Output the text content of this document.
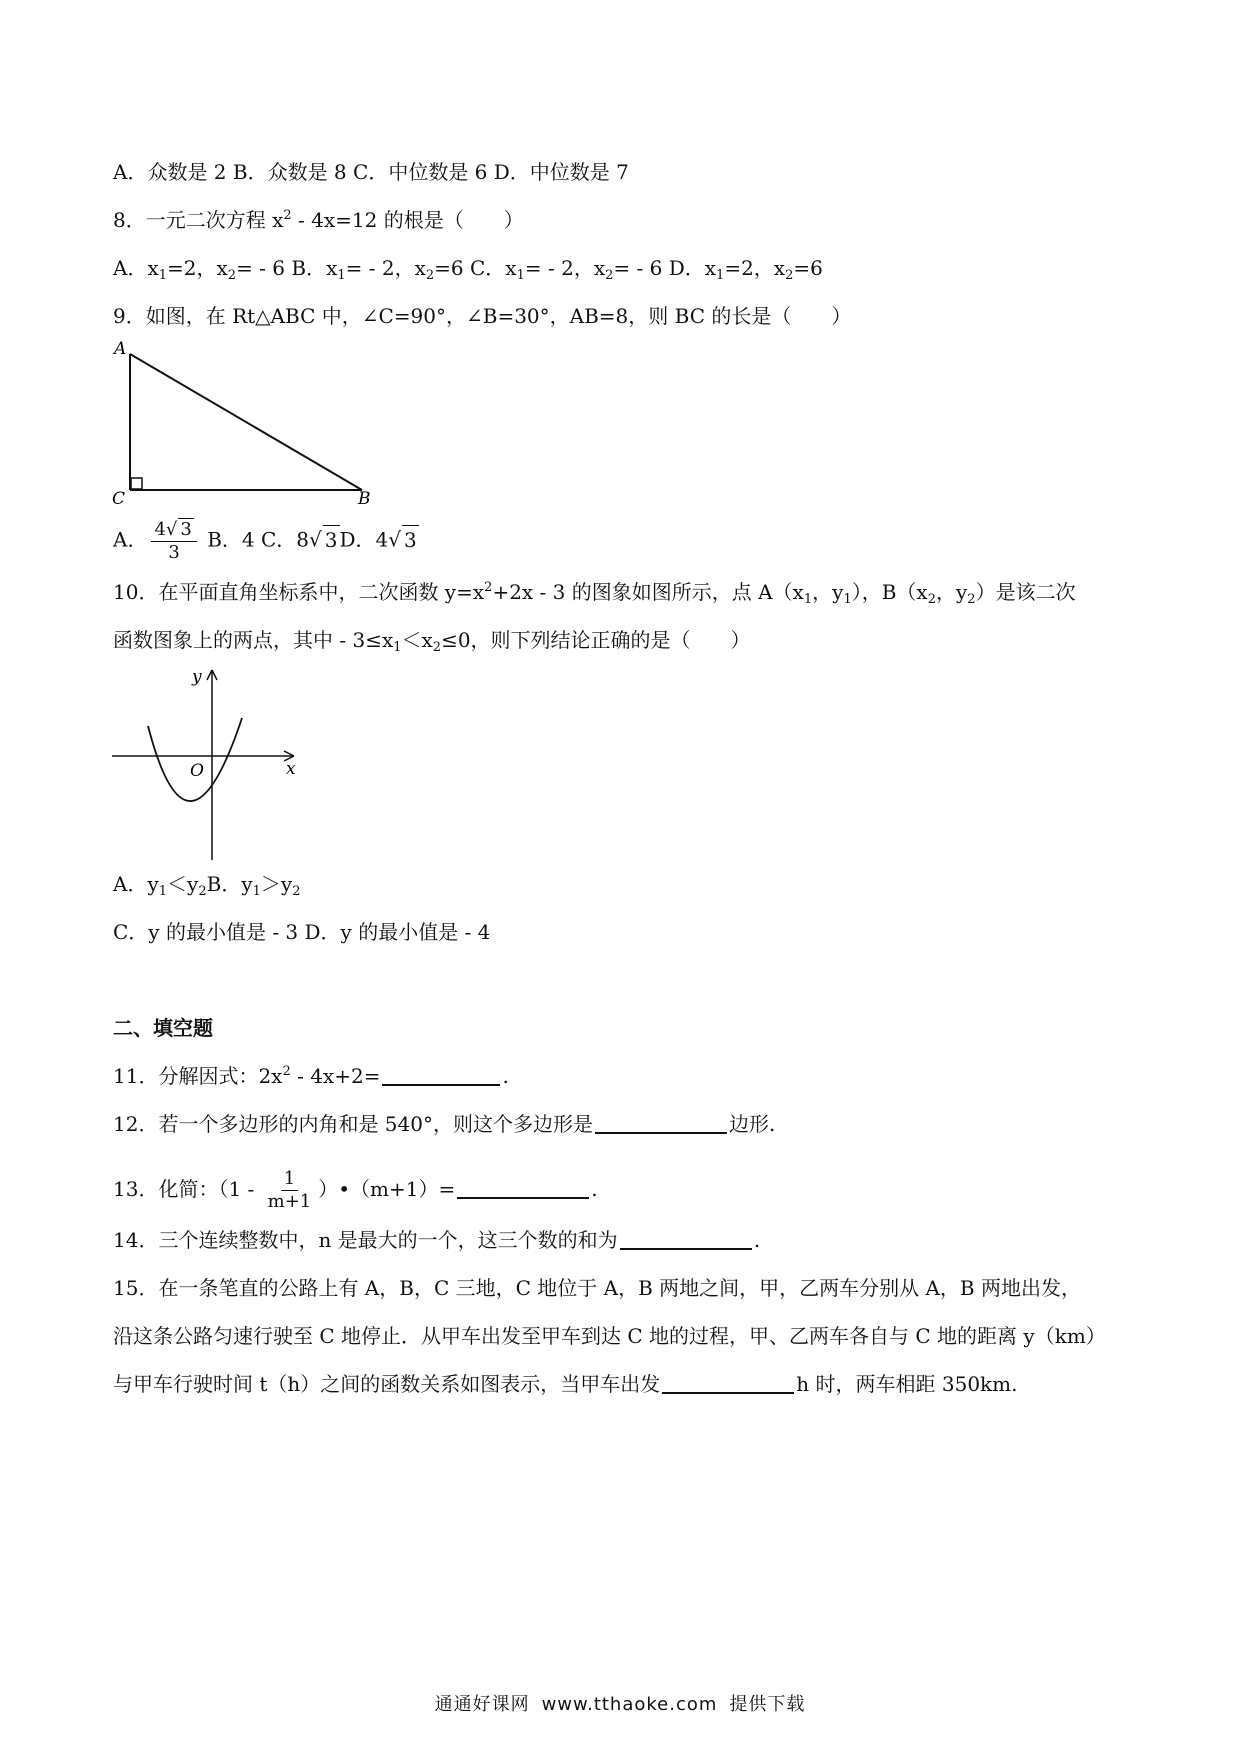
A．众数是 2 B．众数是 8 C．中位数是 6 D．中位数是 7
8．一元二次方程 $x^2 - 4x=12$ 的根是（　　）
A．$x_1=2$，$x_2= - 6$ B．$x_1= - 2$，$x_2=6$ C．$x_1= - 2$，$x_2= - 6$ D．$x_1=2$，$x_2=6$
9．如图，在 Rt△ABC 中，∠C=90°，∠B=30°，AB=8，则 BC 的长是（　　）
A
C	B
A． $\frac{4√ 3}{3}$ B．4 C．8√ 3 D．4√ 3
10．在平面直角坐标系中，二次函数 $y=x^2+2x - 3$ 的图象如图所示，点 $A(x_1$，$y_1$），$B(x_2$，$y_2$）是该二次
函数图象上的两点，其中 - $3\le x_1<x_2\le 0$，则下列结论正确的是（　　）
y
x
O
A．$y_1<y_2B$．$y_1>y_2$
C．y 的最小值是 - 3 D．y 的最小值是 - 4
二、填空题
11．分解因式：$2x^2 - 4x+2=$	.
12．若一个多边形的内角和是 540°，则这个多边形是	边形.
13．化简：（$1 - \frac{1}{m+1}$ ）•（m+1）=	.
14．三个连续整数中，n 是最大的一个，这三个数的和为	.
15．在一条笔直的公路上有 A，B，C 三地，C 地位于 A，B 两地之间，甲，乙两车分别从 A，B 两地出发，
沿这条公路匀速行驶至 C 地停止．从甲车出发至甲车到达 C 地的过程，甲、乙两车各自与 C 地的距离 y（km）
与甲车行驶时间 t（h）之间的函数关系如图表示，当甲车出发	h 时，两车相距 350km.
通通好课网 www.tthaoke.com 提供下载
